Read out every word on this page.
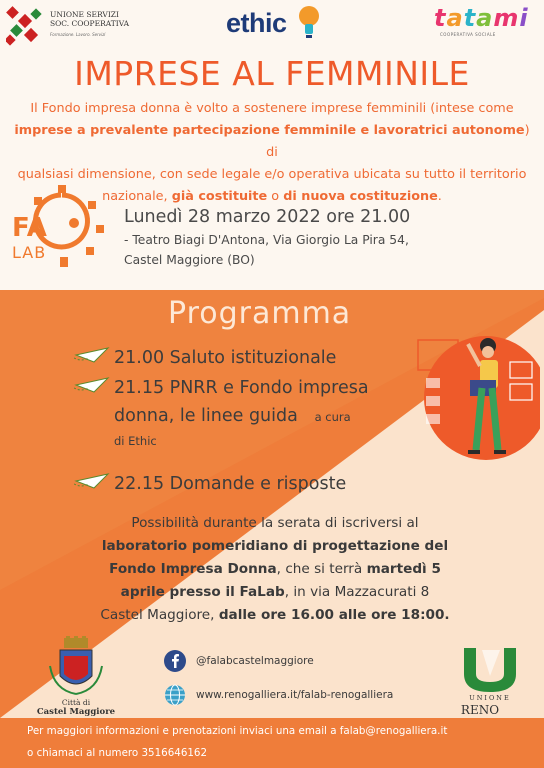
UNIONE SERVIZI
SOC. COOPERATIVA
Formazione. Lavoro. Servizi	ethic	tatami
COOPERATIVA SOCIALE
IMPRESE AL FEMMINILE
Il Fondo impresa donna è volto a sostenere imprese femminili (intese come
imprese a prevalente partecipazione femminile e lavoratrici autonome) di
qualsiasi dimensione, con sede legale e/o operativa ubicata su tutto il territorio
nazionale, già costituite o di nuova costituzione.
FA
LAB
Lunedì 28 marzo 2022 ore 21.00
- Teatro Biagi D'Antona, Via Giorgio La Pira 54,
Castel Maggiore (BO)
Programma
21.00 Saluto istituzionale
21.15 PNRR e Fondo impresa
donna, le linee guida a cura
di Ethic
22.15 Domande e risposte
Possibilità durante la serata di iscriversi al
laboratorio pomeridiano di progettazione del
Fondo Impresa Donna, che si terrà martedì 5
aprile presso il FaLab, in via Mazzacurati 8
Castel Maggiore, dalle ore 16.00 alle ore 18:00.
Città di
Castel Maggiore
@falabcastelmaggiore
www.renogalliera.it/falab-renogalliera	UNIONE
RENO
Per maggiori informazioni e prenotazioni inviaci una email a falab@renogalliera.it
o chiamaci al numero 3516646162
